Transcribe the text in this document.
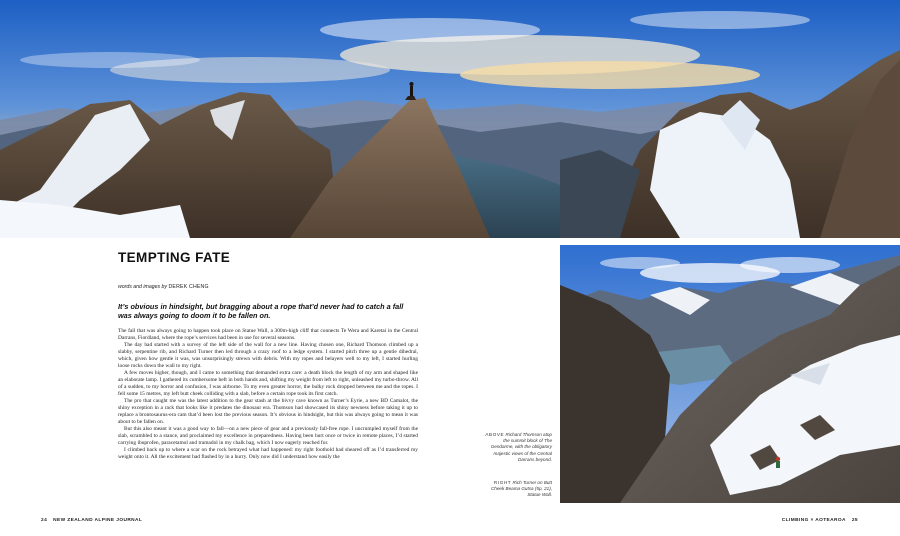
TEMPTING FATE
words and images by DEREK CHENG
It’s obvious in hindsight, but bragging about a rope that’d never had to catch a fall was always going to doom it to be fallen on.

The fall that was always going to happen took place on Statue Wall, a 300m-high cliff that connects Te Wera and Karetai in the Central Darrans, Fiordland, where the rope’s services had been in use for several seasons.

The day had started with a survey of the left side of the wall for a new line. Having chosen one, Richard Thomson climbed up a slabby, serpentine rib, and Richard Turner then led through a crazy roof to a ledge system. I started pitch three up a gentle dihedral, which, given how gentle it was, was unsurprisingly strewn with debris. With my ropes and belayers well to my left, I started hurling loose rocks down the wall to my right.

A few moves higher, though, and I came to something that demanded extra care: a death block the length of my arm and shaped like an elaborate lamp. I gathered its cumbersome heft in both hands and, shifting my weight from left to right, unleashed my turbo-throw. All of a sudden, to my horror and confusion, I was airborne. To my even greater horror, the bulky rock dropped between me and the ropes. I fell some 15 metres, my left butt cheek colliding with a slab, before a certain rope took its first catch.

The pro that caught me was the latest addition to the gear stash at the bivvy cave known as Turner’s Eyrie, a new BD Camalot, the shiny exception in a rack that looks like it predates the dinosaur era. Thomson had showcased its shiny newness before taking it up to replace a brontosaurus-era cam that’d been lost the previous season. It’s obvious in hindsight, but this was always going to mean it was about to be fallen on.

But this also meant it was a good way to fall—on a new piece of gear and a previously fall-free rope. I uncrumpled myself from the slab, scrambled to a stance, and proclaimed my excellence in preparedness. Having been hurt once or twice in remote places, I’d started carrying ibuprofen, paracetamol and tramadol in my chalk bag, which I now eagerly reached for.

I climbed back up to where a scar on the rock betrayed what had happened: my right foothold had sheared off as I’d transferred my weight onto it. All the excitement had flashed by in a hurry. Only now did I understand how easily the

ABOVE Richard Thomson atop the summit block of The Gendarme, with the obligatory majestic views of the Central Darrans beyond.
RIGHT Rich Turner on Butt Cheek Beama Gutsa (5p, 21), Statue Wall.
24 NEW ZEALAND ALPINE JOURNAL	CLIMBING × AOTEAROA 25
